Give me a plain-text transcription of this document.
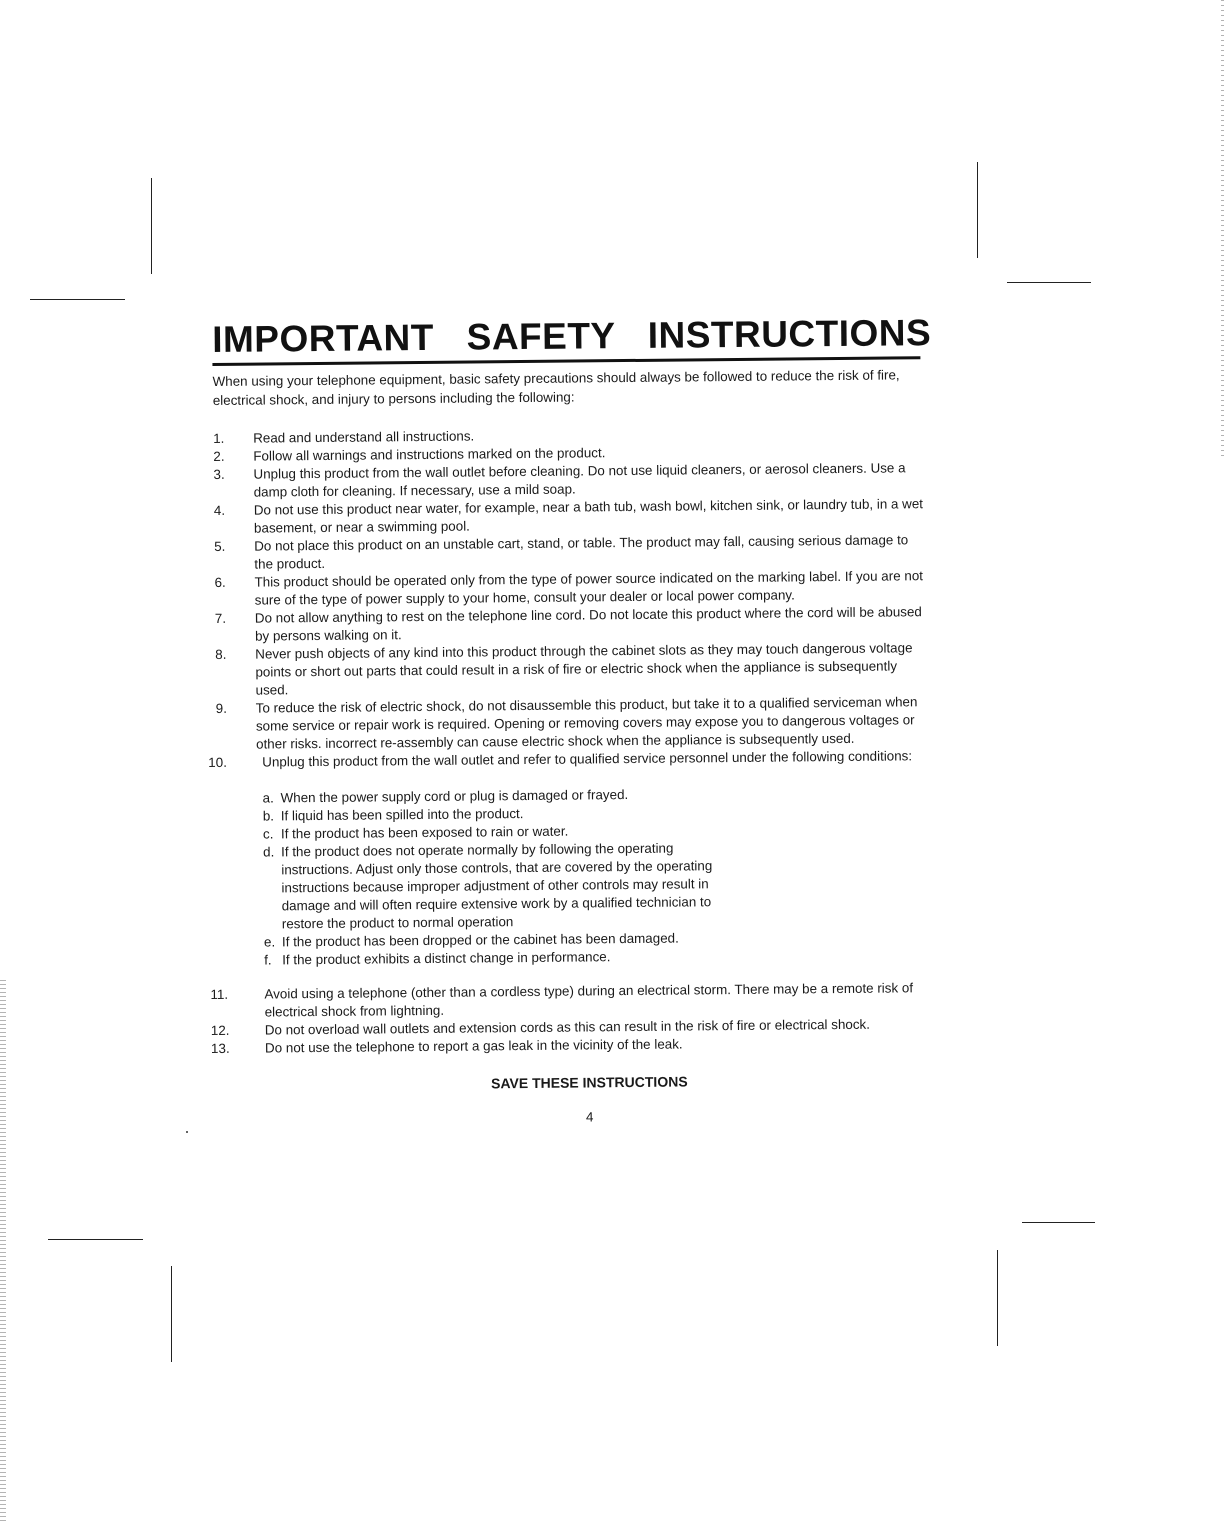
IMPORTANT SAFETY INSTRUCTIONS

When using your telephone equipment, basic safety precautions should always be followed to reduce the risk of fire, electrical shock, and injury to persons including the following:

1.	Read and understand all instructions.
2.	Follow all warnings and instructions marked on the product.
3.	Unplug this product from the wall outlet before cleaning. Do not use liquid cleaners, or aerosol cleaners. Use a damp cloth for cleaning. If necessary, use a mild soap.
4.	Do not use this product near water, for example, near a bath tub, wash bowl, kitchen sink, or laundry tub, in a wet basement, or near a swimming pool.
5.	Do not place this product on an unstable cart, stand, or table. The product may fall, causing serious damage to the product.
6.	This product should be operated only from the type of power source indicated on the marking label. If you are not sure of the type of power supply to your home, consult your dealer or local power company.
7.	Do not allow anything to rest on the telephone line cord. Do not locate this product where the cord will be abused by persons walking on it.
8.	Never push objects of any kind into this product through the cabinet slots as they may touch dangerous voltage points or short out parts that could result in a risk of fire or electric shock when the appliance is subsequently used.
9.	To reduce the risk of electric shock, do not disaussemble this product, but take it to a qualified serviceman when some service or repair work is required. Opening or removing covers may expose you to dangerous voltages or other risks. incorrect re-assembly can cause electric shock when the appliance is subsequently used.
10.	Unplug this product from the wall outlet and refer to qualified service personnel under the following conditions:
a. When the power supply cord or plug is damaged or frayed.
b. If liquid has been spilled into the product.
c. If the product has been exposed to rain or water.
d. If the product does not operate normally by following the operating instructions. Adjust only those controls, that are covered by the operating instructions because improper adjustment of other controls may result in damage and will often require extensive work by a qualified technician to restore the product to normal operation
e. If the product has been dropped or the cabinet has been damaged.
f. If the product exhibits a distinct change in performance.
11.	Avoid using a telephone (other than a cordless type) during an electrical storm. There may be a remote risk of electrical shock from lightning.
12.	Do not overload wall outlets and extension cords as this can result in the risk of fire or electrical shock.
13.	Do not use the telephone to report a gas leak in the vicinity of the leak.
SAVE THESE INSTRUCTIONS
4
